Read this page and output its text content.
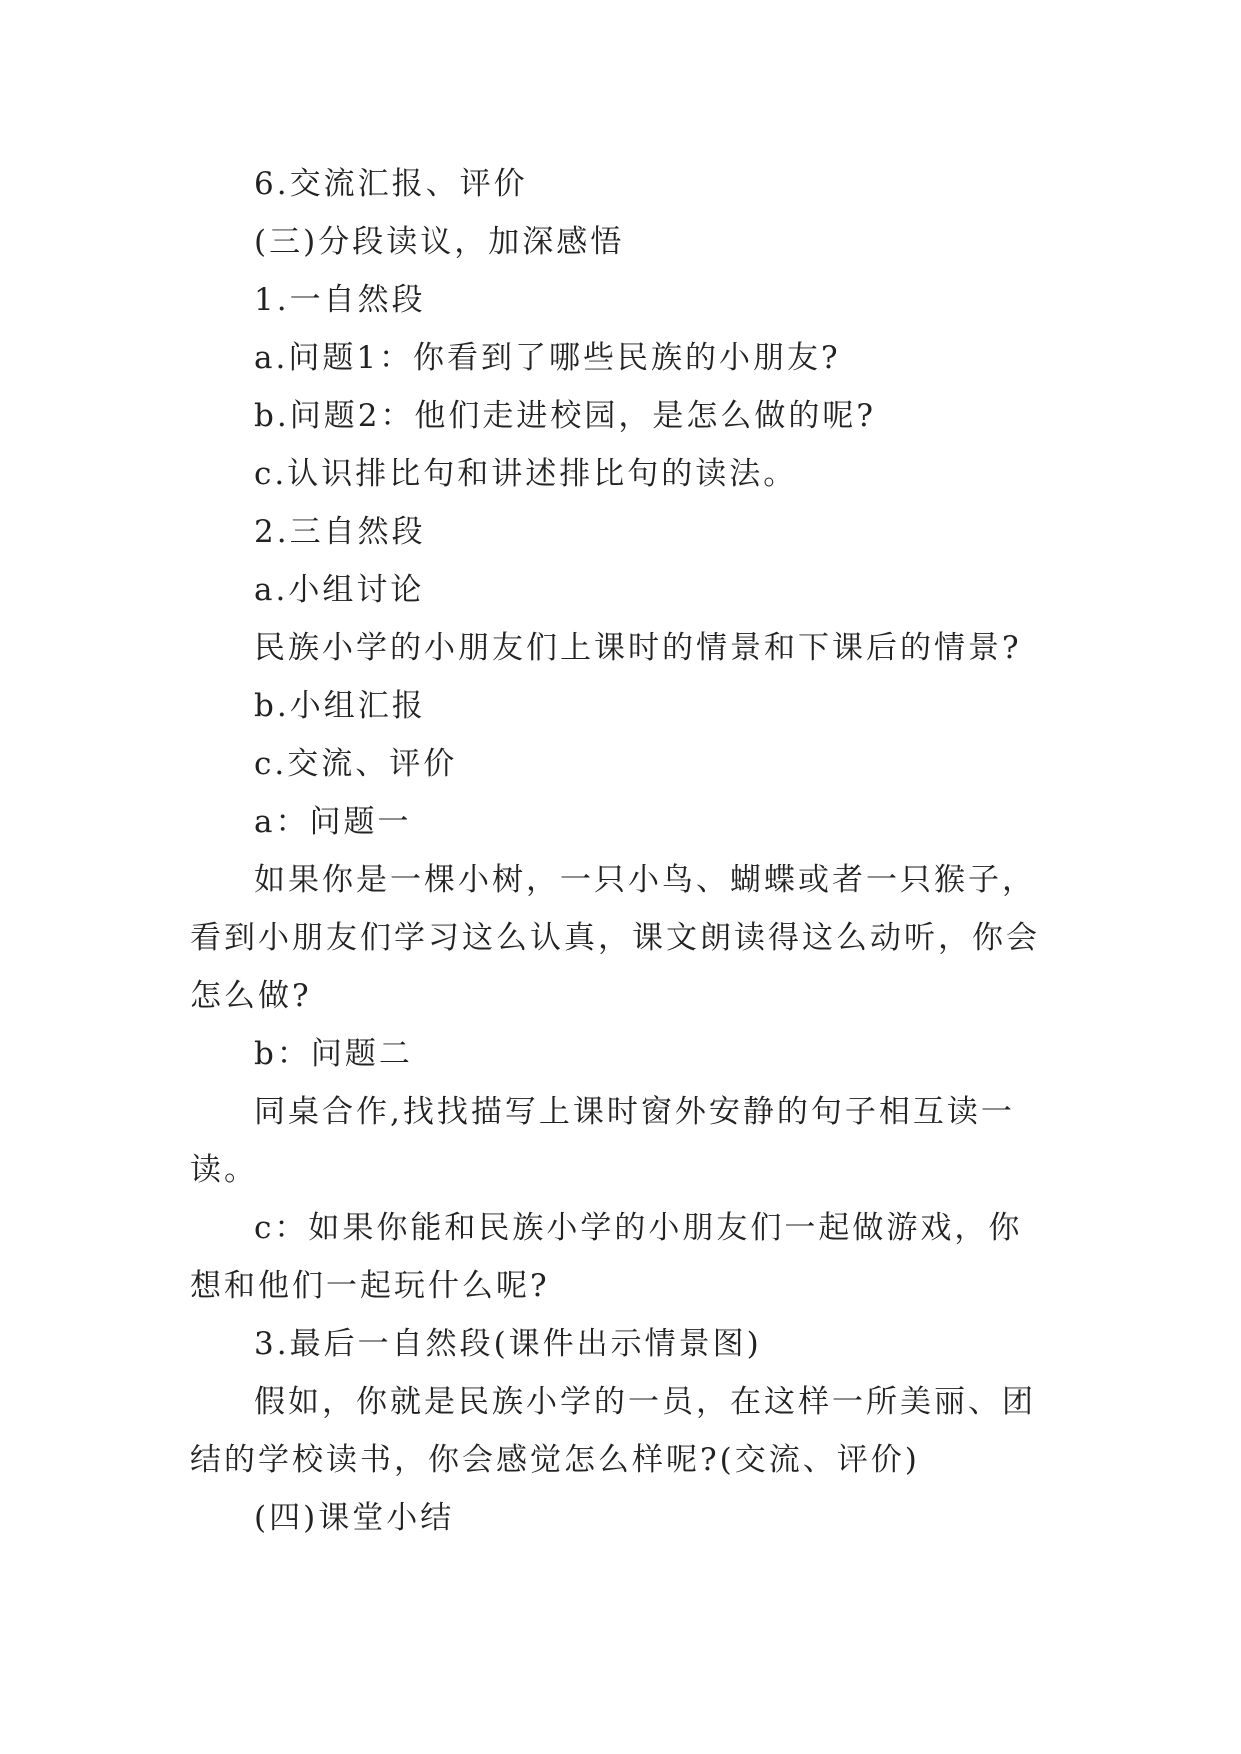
6.交流汇报、评价

(三)分段读议，加深感悟

1.一自然段

a.问题1：你看到了哪些民族的小朋友?

b.问题2：他们走进校园，是怎么做的呢?

c.认识排比句和讲述排比句的读法。

2.三自然段

a.小组讨论

民族小学的小朋友们上课时的情景和下课后的情景?

b.小组汇报

c.交流、评价

a：问题一

如果你是一棵小树，一只小鸟、蝴蝶或者一只猴子，看到小朋友们学习这么认真，课文朗读得这么动听，你会怎么做?

b：问题二

同桌合作,找找描写上课时窗外安静的句子相互读一读。

c：如果你能和民族小学的小朋友们一起做游戏，你想和他们一起玩什么呢?

3.最后一自然段(课件出示情景图)

假如，你就是民族小学的一员，在这样一所美丽、团结的学校读书，你会感觉怎么样呢?(交流、评价)

(四)课堂小结
